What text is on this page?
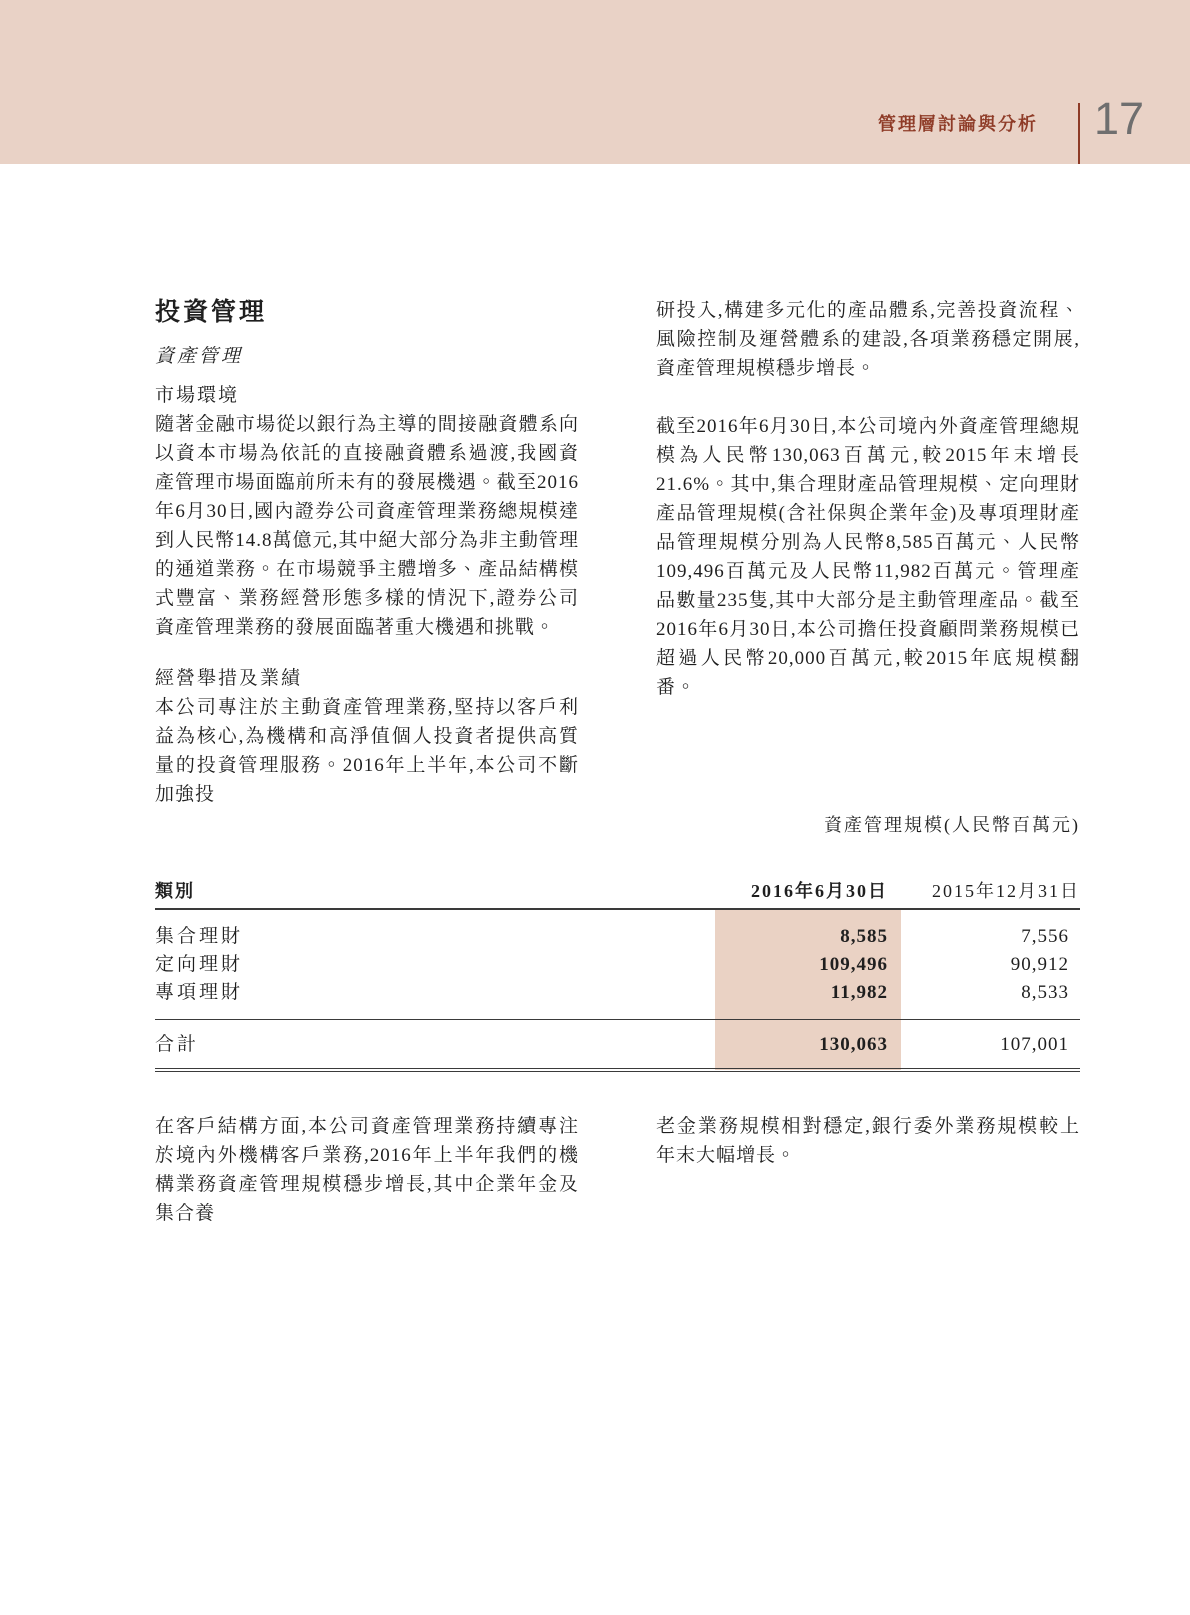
管理層討論與分析 17
投資管理
資產管理
市場環境

隨著金融市場從以銀行為主導的間接融資體系向以資本市場為依託的直接融資體系過渡,我國資產管理市場面臨前所未有的發展機遇。截至2016年6月30日,國內證券公司資產管理業務總規模達到人民幣14.8萬億元,其中絕大部分為非主動管理的通道業務。在市場競爭主體增多、產品結構模式豐富、業務經營形態多樣的情況下,證券公司資產管理業務的發展面臨著重大機遇和挑戰。

經營舉措及業績

本公司專注於主動資產管理業務,堅持以客戶利益為核心,為機構和高淨值個人投資者提供高質量的投資管理服務。2016年上半年,本公司不斷加強投

研投入,構建多元化的產品體系,完善投資流程、風險控制及運營體系的建設,各項業務穩定開展,資產管理規模穩步增長。

截至2016年6月30日,本公司境內外資產管理總規模為人民幣130,063百萬元,較2015年末增長21.6%。其中,集合理財產品管理規模、定向理財產品管理規模(含社保與企業年金)及專項理財產品管理規模分別為人民幣8,585百萬元、人民幣109,496百萬元及人民幣11,982百萬元。管理產品數量235隻,其中大部分是主動管理產品。截至2016年6月30日,本公司擔任投資顧問業務規模已超過人民幣20,000百萬元,較2015年底規模翻番。

資產管理規模(人民幣百萬元)
類別	2016年6月30日	2015年12月31日
集合理財	8,585	7,556
定向理財	109,496	90,912
專項理財	11,982	8,533
合計	130,063	107,001

在客戶結構方面,本公司資產管理業務持續專注於境內外機構客戶業務,2016年上半年我們的機構業務資產管理規模穩步增長,其中企業年金及集合養

老金業務規模相對穩定,銀行委外業務規模較上年末大幅增長。
